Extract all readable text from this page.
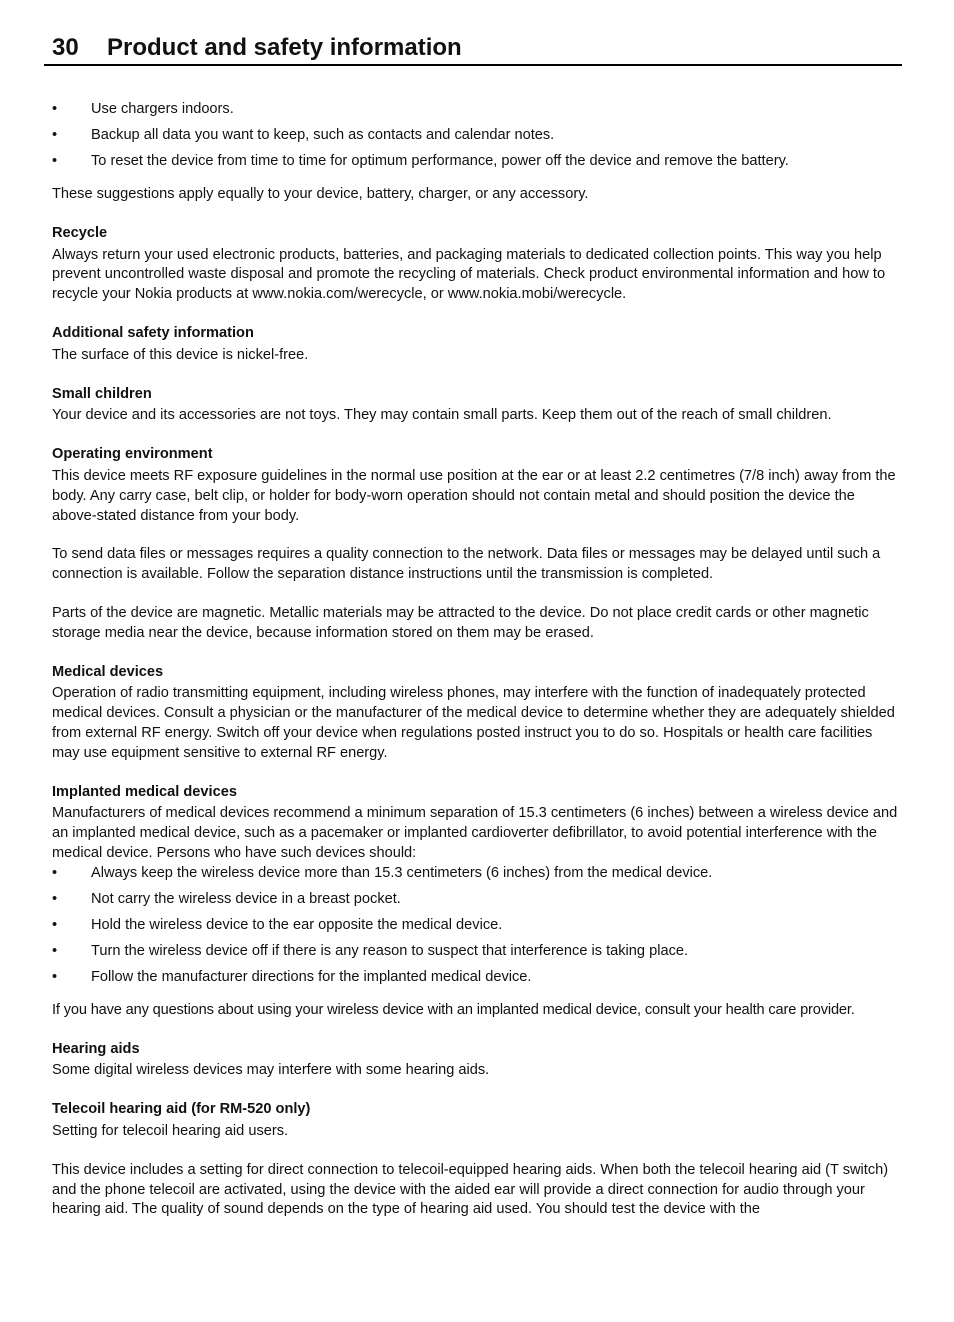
30 Product and safety information
• Use chargers indoors.
• Backup all data you want to keep, such as contacts and calendar notes.
• To reset the device from time to time for optimum performance, power off the device and remove the battery.

These suggestions apply equally to your device, battery, charger, or any accessory.

Recycle

Always return your used electronic products, batteries, and packaging materials to dedicated collection points. This way you help prevent uncontrolled waste disposal and promote the recycling of materials. Check product environmental information and how to recycle your Nokia products at www.nokia.com/werecycle, or www.nokia.mobi/werecycle.

Additional safety information

The surface of this device is nickel-free.

Small children

Your device and its accessories are not toys. They may contain small parts. Keep them out of the reach of small children.

Operating environment

This device meets RF exposure guidelines in the normal use position at the ear or at least 2.2 centimetres (7/8 inch) away from the body. Any carry case, belt clip, or holder for body-worn operation should not contain metal and should position the device the above-stated distance from your body.

To send data files or messages requires a quality connection to the network. Data files or messages may be delayed until such a connection is available. Follow the separation distance instructions until the transmission is completed.

Parts of the device are magnetic. Metallic materials may be attracted to the device. Do not place credit cards or other magnetic storage media near the device, because information stored on them may be erased.

Medical devices

Operation of radio transmitting equipment, including wireless phones, may interfere with the function of inadequately protected medical devices. Consult a physician or the manufacturer of the medical device to determine whether they are adequately shielded from external RF energy. Switch off your device when regulations posted instruct you to do so. Hospitals or health care facilities may use equipment sensitive to external RF energy.

Implanted medical devices

Manufacturers of medical devices recommend a minimum separation of 15.3 centimeters (6 inches) between a wireless device and an implanted medical device, such as a pacemaker or implanted cardioverter defibrillator, to avoid potential interference with the medical device. Persons who have such devices should:

• Always keep the wireless device more than 15.3 centimeters (6 inches) from the medical device.
• Not carry the wireless device in a breast pocket.
• Hold the wireless device to the ear opposite the medical device.
• Turn the wireless device off if there is any reason to suspect that interference is taking place.
• Follow the manufacturer directions for the implanted medical device.

If you have any questions about using your wireless device with an implanted medical device, consult your health care provider.

Hearing aids

Some digital wireless devices may interfere with some hearing aids.

Telecoil hearing aid (for RM-520 only)

Setting for telecoil hearing aid users.

This device includes a setting for direct connection to telecoil-equipped hearing aids. When both the telecoil hearing aid (T switch) and the phone telecoil are activated, using the device with the aided ear will provide a direct connection for audio through your hearing aid. The quality of sound depends on the type of hearing aid used. You should test the device with the
